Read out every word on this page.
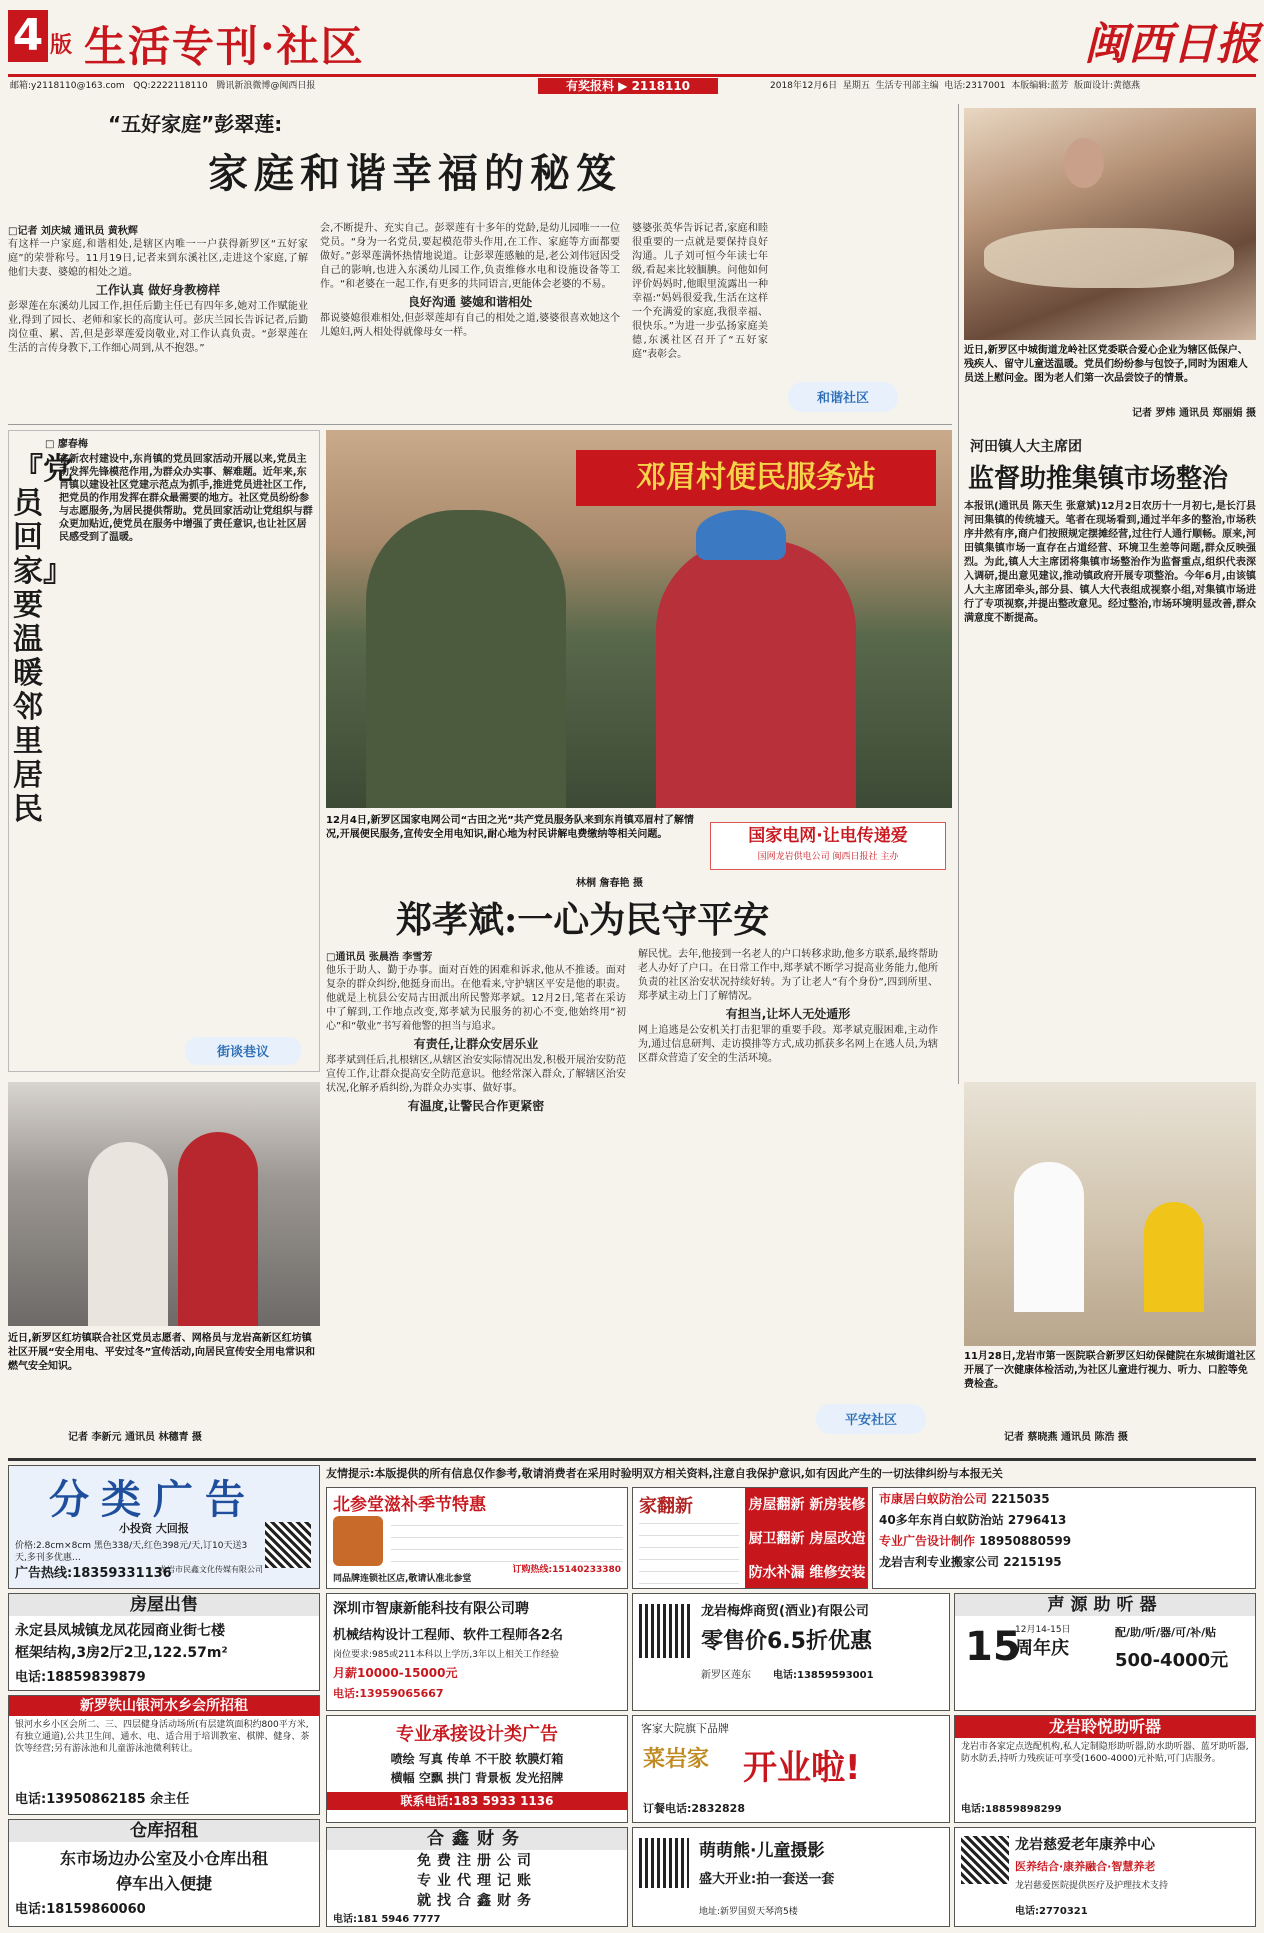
4 版 生活专刊·社区	闽西日报
邮箱:y2118110@163.com QQ:2222118110 腾讯新浪微博@闽西日报	有奖报料 ▶ 2118110	2018年12月6日 星期五 生活专刊部主编 电话:2317001 本版编辑:蓝芳 版面设计:黄德燕
“五好家庭”彭翠莲:
家庭和谐幸福的秘笈
□记者 刘庆城 通讯员 黄秋辉

有这样一户家庭,和谐相处,是辖区内唯一一户获得新罗区“五好家庭”的荣誉称号。11月19日,记者来到东溪社区,走进这个家庭,了解他们夫妻、婆媳的相处之道。

工作认真 做好身教榜样

彭翠莲在东溪幼儿园工作,担任后勤主任已有四年多,她对工作赋能业业,得到了园长、老师和家长的高度认可。彭庆兰园长告诉记者,后勤岗位重、累、苦,但是彭翠莲爱岗敬业,对工作认真负责。“彭翠莲在生活的言传身教下,工作细心周到,从不抱怨。”

会,不断提升、充实自己。彭翠莲有十多年的党龄,是幼儿园唯一一位党员。“身为一名党员,要起模范带头作用,在工作、家庭等方面都要做好。”彭翠莲满怀热情地说道。让彭翠莲感触的是,老公刘伟冠因受自己的影响,也进入东溪幼儿园工作,负责维修水电和设施设备等工作。“和老婆在一起工作,有更多的共同语言,更能体会老婆的不易。

良好沟通 婆媳和谐相处

都说婆媳很难相处,但彭翠莲却有自己的相处之道,婆婆很喜欢她这个儿媳妇,两人相处得就像母女一样。

婆婆张英华告诉记者,家庭和睦很重要的一点就是要保持良好沟通。儿子刘可恒今年读七年级,看起来比较腼腆。问他如何评价妈妈时,他眼里流露出一种幸福:“妈妈很爱我,生活在这样一个充满爱的家庭,我很幸福、很快乐。”为进一步弘扬家庭美德,东溪社区召开了“五好家庭”表彰会。

和谐社区
近日,新罗区中城街道龙岭社区党委联合爱心企业为辖区低保户、残疾人、留守儿童送温暖。党员们纷纷参与包饺子,同时为困难人员送上慰问金。图为老人们第一次品尝饺子的情景。
记者 罗炜 通讯员 郑丽娟 摄
□ 廖春梅
『党员回家』要温暖邻里居民
在新农村建设中,东肖镇的党员回家活动开展以来,党员主动发挥先锋模范作用,为群众办实事、解难题。近年来,东肖镇以建设社区党建示范点为抓手,推进党员进社区工作,把党员的作用发挥在群众最需要的地方。社区党员纷纷参与志愿服务,为居民提供帮助。党员回家活动让党组织与群众更加贴近,使党员在服务中增强了责任意识,也让社区居民感受到了温暖。
街谈巷议
邓眉村便民服务站
12月4日,新罗区国家电网公司“古田之光”共产党员服务队来到东肖镇邓眉村了解情况,开展便民服务,宣传安全用电知识,耐心地为村民讲解电费缴纳等相关问题。
林桐 詹春艳 摄
国家电网·让电传递爱
国网龙岩供电公司 闽西日报社 主办
郑孝斌:一心为民守平安
□通讯员 张晨浩 李雪芳

他乐于助人、勤于办事。面对百姓的困难和诉求,他从不推诿。面对复杂的群众纠纷,他挺身而出。在他看来,守护辖区平安是他的职责。他就是上杭县公安局古田派出所民警郑孝斌。12月2日,笔者在采访中了解到,工作地点改变,郑孝斌为民服务的初心不变,他始终用“初心”和“敬业”书写着他警的担当与追求。

有责任,让群众安居乐业

郑孝斌到任后,扎根辖区,从辖区治安实际情况出发,积极开展治安防范宣传工作,让群众提高安全防范意识。他经常深入群众,了解辖区治安状况,化解矛盾纠纷,为群众办实事、做好事。

有温度,让警民合作更紧密

解民忧。去年,他接到一名老人的户口转移求助,他多方联系,最终帮助老人办好了户口。在日常工作中,郑孝斌不断学习提高业务能力,他所负责的社区治安状况持续好转。为了让老人“有个身份”,四到所里、郑孝斌主动上门了解情况。

有担当,让坏人无处遁形

网上追逃是公安机关打击犯罪的重要手段。郑孝斌克服困难,主动作为,通过信息研判、走访摸排等方式,成功抓获多名网上在逃人员,为辖区群众营造了安全的生活环境。

平安社区
河田镇人大主席团
监督助推集镇市场整治
本报讯(通讯员 陈天生 张意斌)12月2日农历十一月初七,是长汀县河田集镇的传统墟天。笔者在现场看到,通过半年多的整治,市场秩序井然有序,商户们按照规定摆摊经营,过往行人通行顺畅。原来,河田镇集镇市场一直存在占道经营、环境卫生差等问题,群众反映强烈。为此,镇人大主席团将集镇市场整治作为监督重点,组织代表深入调研,提出意见建议,推动镇政府开展专项整治。今年6月,由该镇人大主席团牵头,部分县、镇人大代表组成视察小组,对集镇市场进行了专项视察,并提出整改意见。经过整治,市场环境明显改善,群众满意度不断提高。
近日,新罗区红坊镇联合社区党员志愿者、网格员与龙岩高新区红坊镇社区开展“安全用电、平安过冬”宣传活动,向居民宣传安全用电常识和燃气安全知识。
记者 李新元 通讯员 林穗青 摄
11月28日,龙岩市第一医院联合新罗区妇幼保健院在东城街道社区开展了一次健康体检活动,为社区儿童进行视力、听力、口腔等免费检查。
记者 蔡晓燕 通讯员 陈浩 摄
友情提示:本版提供的所有信息仅作参考,敬请消费者在采用时验明双方相关资料,注意自我保护意识,如有因此产生的一切法律纠纷与本报无关
分类广告
小投资 大回报
价格:2.8cm×8cm 黑色338/天,红色398元/天,订10天送3天,多刊多优惠…
广告热线:18359331136
龙岩市民鑫文化传媒有限公司
房屋出售
永定县凤城镇龙凤花园商业街七楼
框架结构,3房2厅2卫,122.57m²
电话:18859839879
新罗铁山银河水乡会所招租
银河水乡小区会所二、三、四层健身活动场所(有层建筑面积约800平方米,有独立通道),公共卫生间、通水、电、适合用于培训教室、棋牌、健身、茶饮等经营;另有游泳池和儿童游泳池微利转让。
电话:13950862185 余主任
仓库招租
东市场边办公室及小仓库出租
停车出入便捷
电话:18159860060
北参堂滋补季节特惠
同品牌连锁社区店,敬请认准北参堂
订购热线:15140233380
家翻新	房屋翻新 新房装修
厨卫翻新 房屋改造
防水补漏 维修安装
市康居白蚁防治公司 2215035
40多年东肖白蚁防治站 2796413
专业广告设计制作 18950880599
龙岩吉利专业搬家公司 2215195
深圳市智康新能科技有限公司聘
机械结构设计工程师、软件工程师各2名
岗位要求:985或211本科以上学历,3年以上相关工作经验
月薪10000-15000元
电话:13959065667
龙岩梅烨商贸(酒业)有限公司
零售价6.5折优惠
新罗区莲东 电话:13859593001
声源助听器
15
周年庆
12月14-15日	配/助/听/器/可/补/贴
500-4000元
专业承接设计类广告
喷绘 写真 传单 不干胶 软膜灯箱
横幅 空飘 拱门 背景板 发光招牌
联系电话:183 5933 1136
客家大院旗下品牌
菜岩家 开业啦!
订餐电话:2832828
龙岩聆悦助听器
龙岩市各家定点选配机构,私人定制隐形助听器,防水助听器、蓝牙助听器,防水防丢,持听力残疾证可享受(1600-4000)元补贴,可门店服务。
电话:18859898299
合鑫财务
免费注册公司
专业代理记账
就找合鑫财务
电话:181 5946 7777
萌萌熊·儿童摄影
盛大开业:拍一套送一套
地址:新罗国贸天琴湾5楼
龙岩慈爱老年康养中心
医养结合·康养融合·智慧养老
龙岩慈爱医院提供医疗及护理技术支持
电话:2770321
